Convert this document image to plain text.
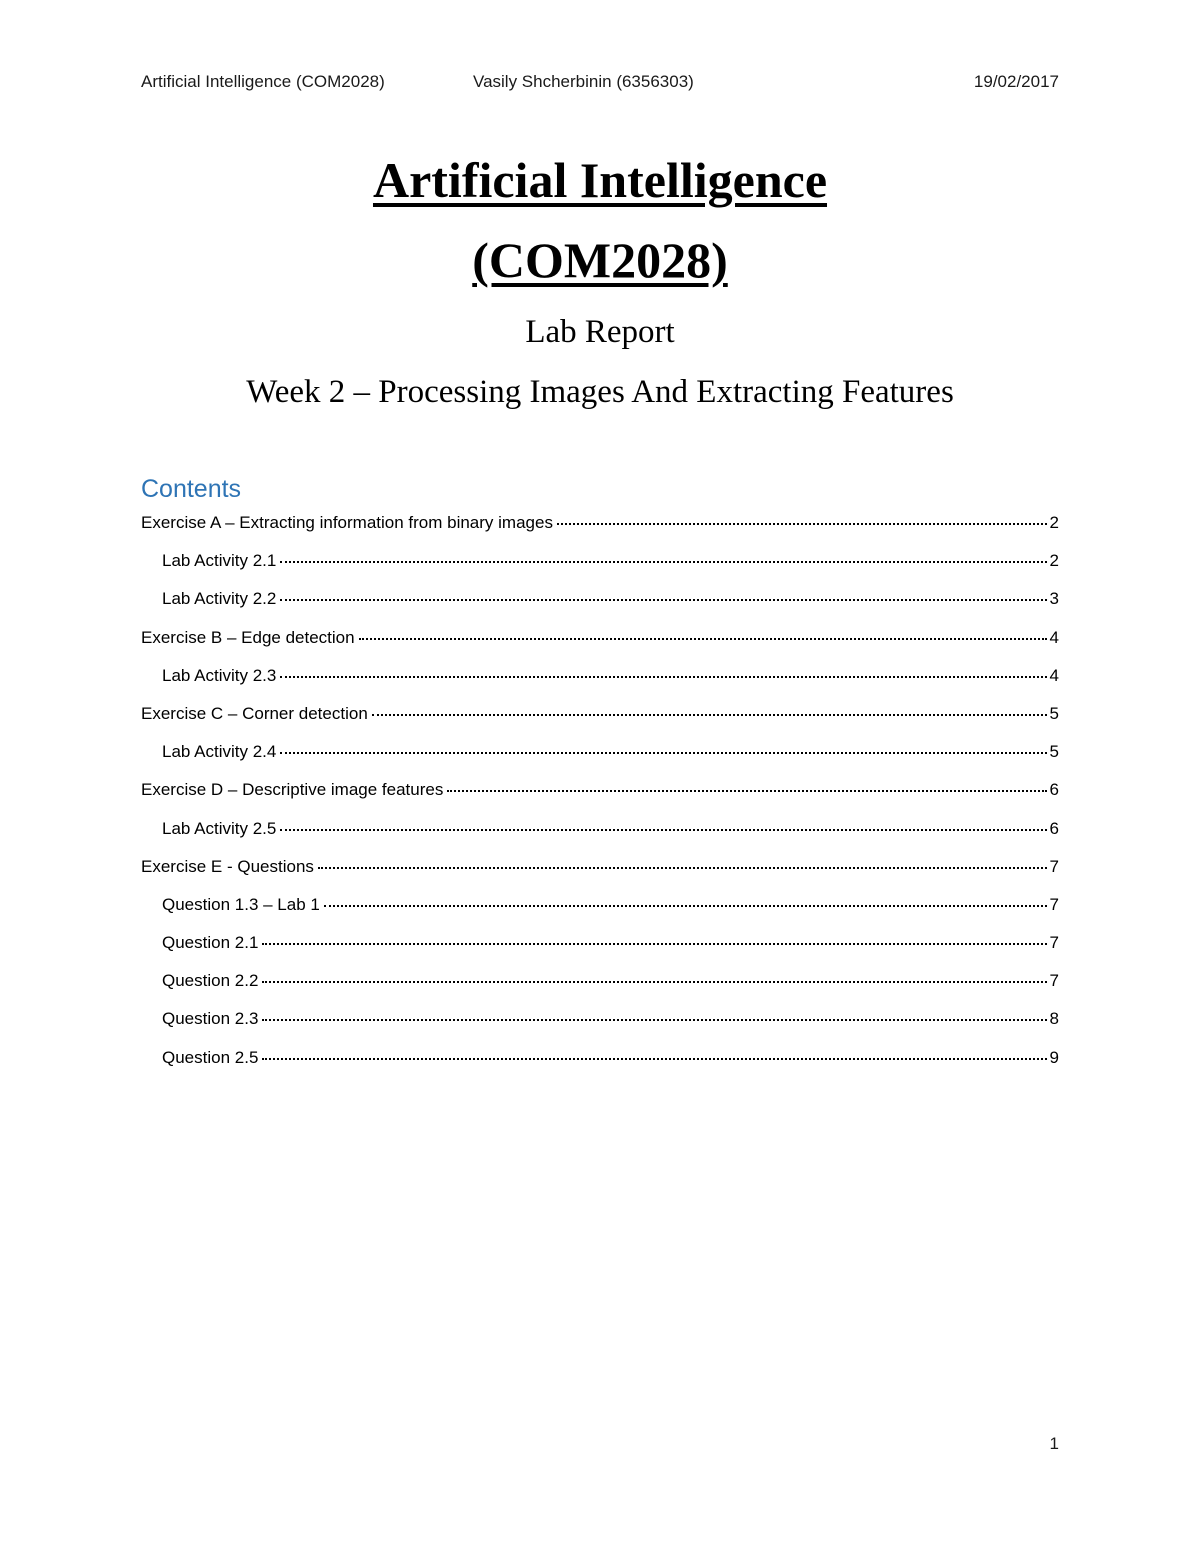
Artificial Intelligence (COM2028)	Vasily Shcherbinin (6356303)	19/02/2017
Artificial Intelligence
(COM2028)

Lab Report

Week 2 – Processing Images And Extracting Features

Contents
Exercise A – Extracting information from binary images	2
Lab Activity 2.1	2
Lab Activity 2.2	3
Exercise B – Edge detection	4
Lab Activity 2.3	4
Exercise C – Corner detection	5
Lab Activity 2.4	5
Exercise D – Descriptive image features	6
Lab Activity 2.5	6
Exercise E - Questions	7
Question 1.3 – Lab 1	7
Question 2.1	7
Question 2.2	7
Question 2.3	8
Question 2.5	9
1
